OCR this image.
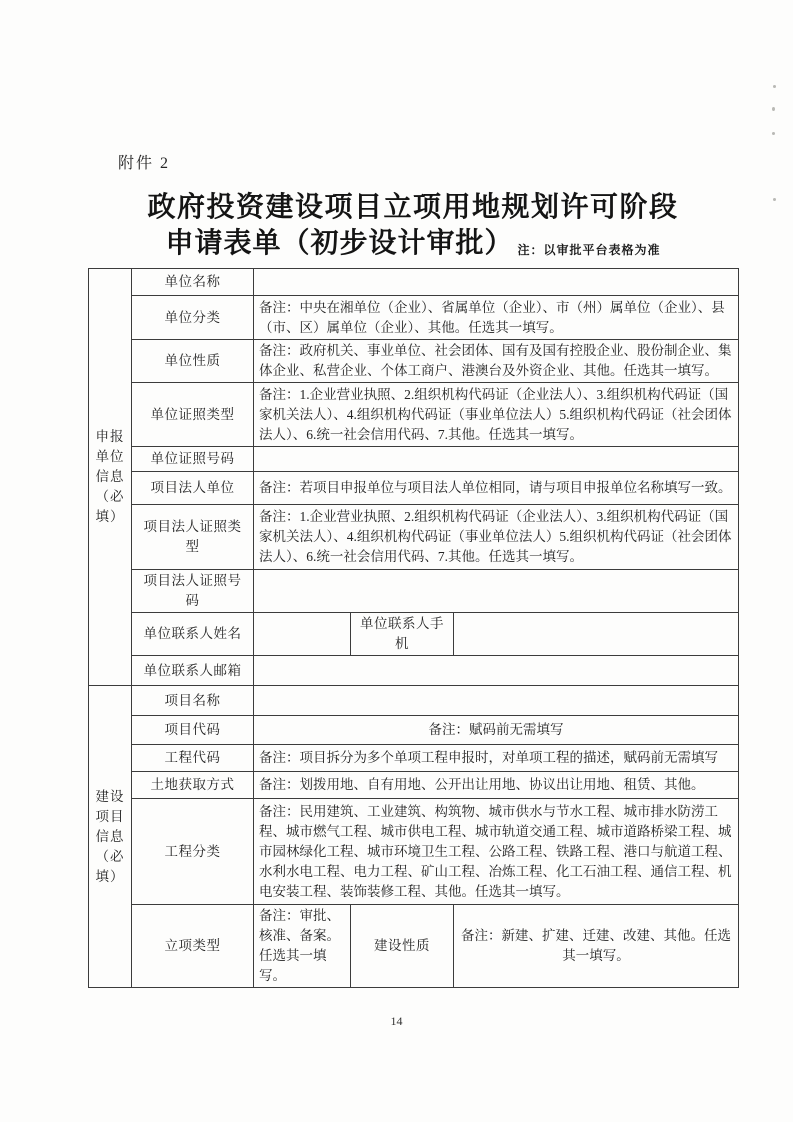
附件 2
政府投资建设项目立项用地规划许可阶段
申请表单（初步设计审批） 注：以审批平台表格为准
申报单位信息（必填）	单位名称			
	单位分类	备注：中央在湘单位（企业）、省属单位（企业）、市（州）属单位（企业）、县（市、区）属单位（企业）、其他。任选其一填写。		
	单位性质	备注：政府机关、事业单位、社会团体、国有及国有控股企业、股份制企业、集体企业、私营企业、个体工商户、港澳台及外资企业、其他。任选其一填写。		
	单位证照类型	备注：1.企业营业执照、2.组织机构代码证（企业法人）、3.组织机构代码证（国家机关法人）、4.组织机构代码证（事业单位法人）5.组织机构代码证（社会团体法人）、6.统一社会信用代码、7.其他。任选其一填写。		
	单位证照号码			
	项目法人单位	备注：若项目申报单位与项目法人单位相同，请与项目申报单位名称填写一致。		
	项目法人证照类型	备注：1.企业营业执照、2.组织机构代码证（企业法人）、3.组织机构代码证（国家机关法人）、4.组织机构代码证（事业单位法人）5.组织机构代码证（社会团体法人）、6.统一社会信用代码、7.其他。任选其一填写。		
	项目法人证照号码			
	单位联系人姓名		单位联系人手机	
	单位联系人邮箱			
建设项目信息（必填）	项目名称			
	项目代码	备注：赋码前无需填写		
	工程代码	备注：项目拆分为多个单项工程申报时，对单项工程的描述，赋码前无需填写		
	土地获取方式	备注：划拨用地、自有用地、公开出让用地、协议出让用地、租赁、其他。		
	工程分类	备注：民用建筑、工业建筑、构筑物、城市供水与节水工程、城市排水防涝工程、城市燃气工程、城市供电工程、城市轨道交通工程、城市道路桥梁工程、城市园林绿化工程、城市环境卫生工程、公路工程、铁路工程、港口与航道工程、水利水电工程、电力工程、矿山工程、冶炼工程、化工石油工程、通信工程、机电安装工程、装饰装修工程、其他。任选其一填写。		
	立项类型	备注：审批、核准、备案。任选其一填写。	建设性质	备注：新建、扩建、迁建、改建、其他。任选其一填写。
14
